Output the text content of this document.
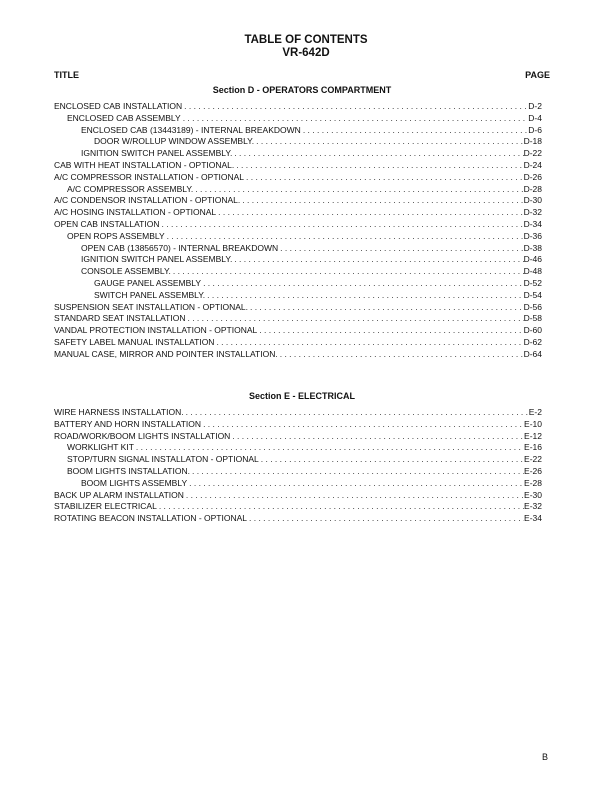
TABLE OF CONTENTS
VR-642D
TITLE	PAGE
Section D - OPERATORS COMPARTMENT
ENCLOSED CAB INSTALLATION . . .	D-2
ENCLOSED CAB ASSEMBLY . . .	D-4
ENCLOSED CAB (13443189) - INTERNAL BREAKDOWN . . .	D-6
DOOR W/ROLLUP WINDOW ASSEMBLY. . . .	D-18
IGNITION SWITCH PANEL ASSEMBLY. . . .	D-22
CAB WITH HEAT INSTALLATION - OPTIONAL. . . .	D-24
A/C COMPRESSOR INSTALLATION - OPTIONAL . . .	D-26
A/C COMPRESSOR ASSEMBLY. . . .	D-28
A/C CONDENSOR INSTALLATION - OPTIONAL. . . .	D-30
A/C HOSING INSTALLATION - OPTIONAL . . .	D-32
OPEN CAB INSTALLATION . . .	D-34
OPEN ROPS ASSEMBLY . . .	D-36
OPEN CAB (13856570) - INTERNAL BREAKDOWN . . .	D-38
IGNITION SWITCH PANEL ASSEMBLY. . . .	D-46
CONSOLE ASSEMBLY. . . .	D-48
GAUGE PANEL ASSEMBLY . . .	D-52
SWITCH PANEL ASSEMBLY. . . .	D-54
SUSPENSION SEAT INSTALLATION - OPTIONAL. . . .	D-56
STANDARD SEAT INSTALLATION . . .	D-58
VANDAL PROTECTION INSTALLATION - OPTIONAL . . .	D-60
SAFETY LABEL MANUAL INSTALLATION . . .	D-62
MANUAL CASE, MIRROR AND POINTER INSTALLATION. . . .	D-64
Section E - ELECTRICAL
WIRE HARNESS INSTALLATION. . . .	E-2
BATTERY AND HORN INSTALLATION . . .	E-10
ROAD/WORK/BOOM LIGHTS INSTALLATION . . .	E-12
WORKLIGHT KIT . . .	E-16
STOP/TURN SIGNAL INSTALLATON - OPTIONAL . . .	E-22
BOOM LIGHTS INSTALLATION. . . .	E-26
BOOM LIGHTS ASSEMBLY . . .	E-28
BACK UP ALARM INSTALLATION . . .	E-30
STABILIZER ELECTRICAL . . .	E-32
ROTATING BEACON INSTALLATION - OPTIONAL . . .	E-34
B
